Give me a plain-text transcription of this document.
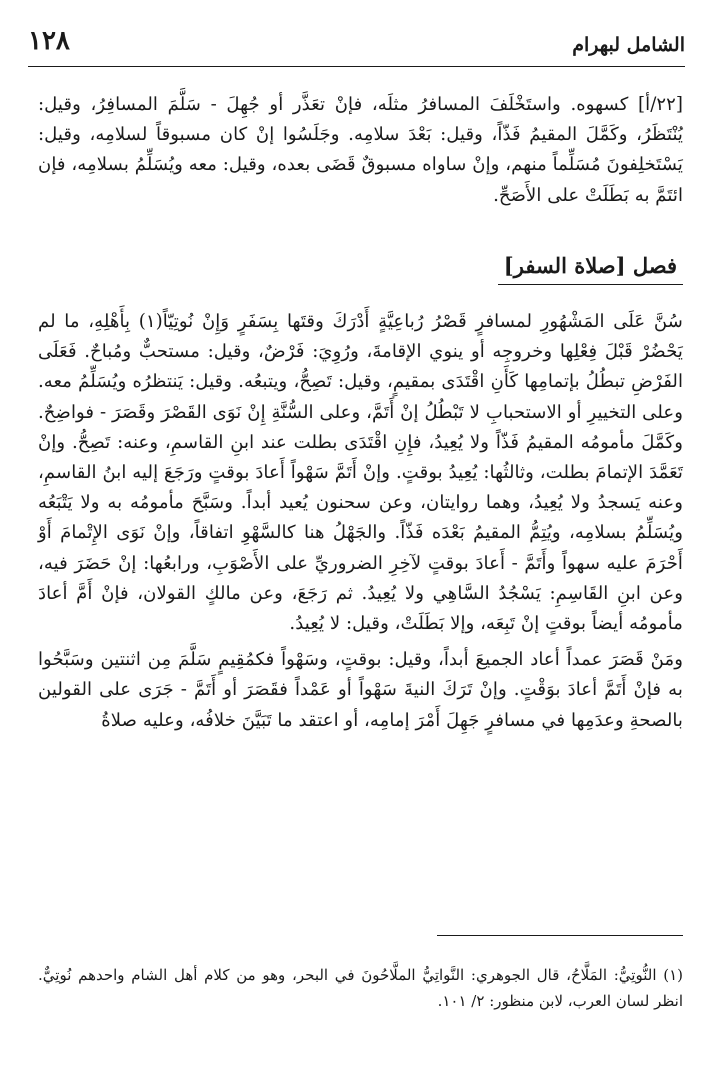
١٢٨	الشامل لبهرام

[٢٢/أ] كسهوه. واستَخْلَفَ المسافرُ مثلَه، فإنْ تعَذَّر أو جُهِلَ - سَلَّمَ المسافِرُ، وقيل: يُنْتَظَرُ، وكَمَّلَ المقيمُ فَذّاً، وقيل: بَعْدَ سلامِه. وجَلَسُوا إنْ كان مسبوقاً لسلامِه، وقيل: يَسْتَخلِفونَ مُسَلِّماً منهم، وإنْ ساواه مسبوقٌ قَضَى بعده، وقيل: معه ويُسَلِّمُ بسلامِه، فإن ائتَمَّ به بَطَلَتْ على الأَصَحِّ.

فصل [صلاة السفر]

سُنَّ عَلَى المَشْهُورِ لمسافرٍ قَصْرُ رُباعِيَّةٍ أَدْرَكَ وقتَها بِسَفَرٍ وَإِنْ نُوتِيّاً(١) بِأَهْلِهِ، ما لم يَحْضُرْ قَبْلَ فِعْلِها وخروجِه أو ينوي الإقامةَ، ورُوِيَ: فَرْضٌ، وقيل: مستحبٌّ ومُباحٌ. فَعَلَى الفَرْضِ تبطُلُ بإتمامِها كَأَنِ اقْتَدَى بمقيمٍ، وقيل: تَصِحُّ، ويتبعُه. وقيل: يَنتظرُه ويُسَلِّمُ معه. وعلى التخييرِ أو الاستحبابِ لا تَبْطُلُ إنْ أَتَمَّ، وعلى السُّنَّةِ إِنْ نَوَى القَصْرَ وقَصَرَ - فواضِحٌ. وكَمَّلَ مأمومُه المقيمُ فَذّاً ولا يُعِيدُ، فإِنِ اقْتَدَى بطلت عند ابنِ القاسمِ، وعنه: تَصِحُّ. وإنْ تَعَمَّدَ الإتمامَ بطلت، وثالثُها: يُعِيدُ بوقتٍ. وإنْ أَتَمَّ سَهْواً أَعادَ بوقتٍ ورَجَعَ إليه ابنُ القاسمِ، وعنه يَسجدُ ولا يُعِيدُ، وهما روايتان، وعن سحنون يُعيد أبداً. وسَبَّحَ مأمومُه به ولا يَتْبَعُه ويُسَلِّمُ بسلامِه، ويُتِمُّ المقيمُ بَعْدَه فَذّاً. والجَهْلُ هنا كالسَّهْوِ اتفاقاً، وإنْ نَوَى الإِتْمامَ أَوْ أَحْرَمَ عليه سهواً وأَتَمَّ - أَعادَ بوقتٍ لآخِرِ الضروريِّ على الأَصْوَبِ، ورابعُها: إنْ حَضَرَ فيه، وعن ابنِ القَاسِمِ: يَسْجُدُ السَّاهِي ولا يُعِيدُ. ثم رَجَعَ، وعن مالكٍ القولان، فإنْ أَمَّ أعادَ مأمومُه أيضاً بوقتٍ إنْ تَبِعَه، وإلا بَطَلَتْ، وقيل: لا يُعِيدُ.

ومَنْ قَصَرَ عمداً أعاد الجميعَ أبداً، وقيل: بوقتٍ، وسَهْواً فكمُقِيمٍ سَلَّمَ مِن اثنتين وسَبَّحُوا به فإنْ أَتَمَّ أعادَ بوَقْتٍ. وإنْ تَرَكَ النيةَ سَهْواً أو عَمْداً فقَصَرَ أو أَتَمَّ - جَرَى على القولين بالصحةِ وعدَمِها في مسافرٍ جَهِلَ أَمْرَ إمامِه، أو اعتقد ما تَبَيَّنَ خلافُه، وعليه صلاةُ

(١) النُّوتِيُّ: المَلَّاحُ، قال الجوهري: النَّواتِيُّ الملَّاحُونَ في البحر، وهو من كلام أهل الشام واحدهم نُوتِيٌّ. انظر لسان العرب، لابن منظور: ٢/ ١٠١.
